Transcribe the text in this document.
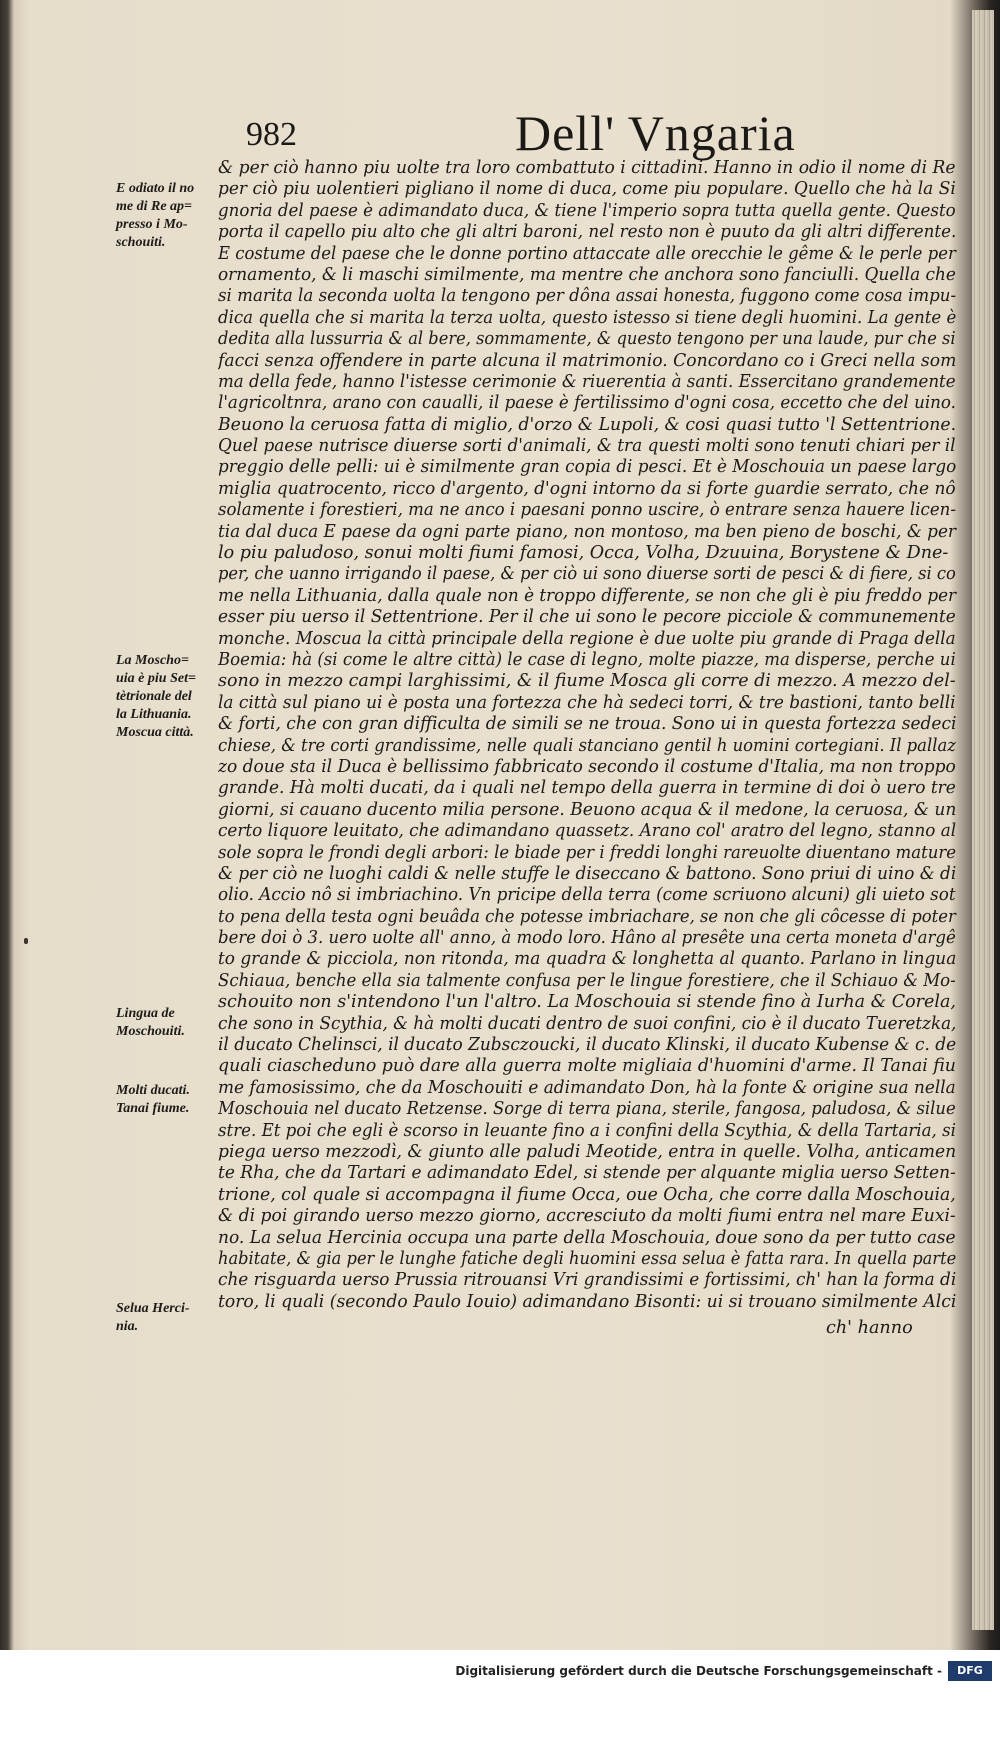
982	Dell' Vngaria
& per ciò hanno piu uolte tra loro combattuto i cittadini. Hanno in odio il nome di Re
per ciò piu uolentieri pigliano il nome di duca, come piu populare. Quello che hà la Si
gnoria del paese è adimandato duca, & tiene l'imperio sopra tutta quella gente. Questo
porta il capello piu alto che gli altri baroni, nel resto non è puuto da gli altri differente.
E costume del paese che le donne portino attaccate alle orecchie le gême & le perle per
ornamento, & li maschi similmente, ma mentre che anchora sono fanciulli. Quella che
si marita la seconda uolta la tengono per dôna assai honesta, fuggono come cosa impu-
dica quella che si marita la terza uolta, questo istesso si tiene degli huomini. La gente è
dedita alla lussurria & al bere, sommamente, & questo tengono per una laude, pur che si
facci senza offendere in parte alcuna il matrimonio. Concordano co i Greci nella som
ma della fede, hanno l'istesse cerimonie & riuerentia à santi. Essercitano grandemente
l'agricoltnra, arano con caualli, il paese è fertilissimo d'ogni cosa, eccetto che del uino.
Beuono la ceruosa fatta di miglio, d'orzo & Lupoli, & cosi quasi tutto 'l Settentrione.
Quel paese nutrisce diuerse sorti d'animali, & tra questi molti sono tenuti chiari per il
preggio delle pelli: ui è similmente gran copia di pesci. Et è Moschouia un paese largo
miglia quatrocento, ricco d'argento, d'ogni intorno da si forte guardie serrato, che nô
solamente i forestieri, ma ne anco i paesani ponno uscire, ò entrare senza hauere licen-
tia dal duca E paese da ogni parte piano, non montoso, ma ben pieno de boschi, & per
lo piu paludoso, sonui molti fiumi famosi, Occa, Volha, Dzuuina, Borystene & Dne-
per, che uanno irrigando il paese, & per ciò ui sono diuerse sorti de pesci & di fiere, si co
me nella Lithuania, dalla quale non è troppo differente, se non che gli è piu freddo per
esser piu uerso il Settentrione. Per il che ui sono le pecore picciole & communemente
monche. Moscua la città principale della regione è due uolte piu grande di Praga della
Boemia: hà (si come le altre città) le case di legno, molte piazze, ma disperse, perche ui
sono in mezzo campi larghissimi, & il fiume Mosca gli corre di mezzo. A mezzo del-
la città sul piano ui è posta una fortezza che hà sedeci torri, & tre bastioni, tanto belli
& forti, che con gran difficulta de simili se ne troua. Sono ui in questa fortezza sedeci
chiese, & tre corti grandissime, nelle quali stanciano gentil h uomini cortegiani. Il pallaz
zo doue sta il Duca è bellissimo fabbricato secondo il costume d'Italia, ma non troppo
grande. Hà molti ducati, da i quali nel tempo della guerra in termine di doi ò uero tre
giorni, si cauano ducento milia persone. Beuono acqua & il medone, la ceruosa, & un
certo liquore leuitato, che adimandano quassetz. Arano col' aratro del legno, stanno al
sole sopra le frondi degli arbori: le biade per i freddi longhi rareuolte diuentano mature
& per ciò ne luoghi caldi & nelle stuffe le diseccano & battono. Sono priui di uino & di
olio. Accio nô si imbriachino. Vn pricipe della terra (come scriuono alcuni) gli uieto sot
to pena della testa ogni beuâda che potesse imbriachare, se non che gli côcesse di poter
bere doi ò 3. uero uolte all' anno, à modo loro. Hâno al presête una certa moneta d'argê
to grande & picciola, non ritonda, ma quadra & longhetta al quanto. Parlano in lingua
Schiaua, benche ella sia talmente confusa per le lingue forestiere, che il Schiauo & Mo-
schouito non s'intendono l'un l'altro. La Moschouia si stende fino à Iurha & Corela,
che sono in Scythia, & hà molti ducati dentro de suoi confini, cio è il ducato Tueretzka,
il ducato Chelinsci, il ducato Zubsczoucki, il ducato Klinski, il ducato Kubense & c. de
quali ciascheduno può dare alla guerra molte migliaia d'huomini d'arme. Il Tanai fiu
me famosissimo, che da Moschouiti e adimandato Don, hà la fonte & origine sua nella
Moschouia nel ducato Retzense. Sorge di terra piana, sterile, fangosa, paludosa, & silue
stre. Et poi che egli è scorso in leuante fino a i confini della Scythia, & della Tartaria, si
piega uerso mezzodì, & giunto alle paludi Meotide, entra in quelle. Volha, anticamen
te Rha, che da Tartari e adimandato Edel, si stende per alquante miglia uerso Setten-
trione, col quale si accompagna il fiume Occa, oue Ocha, che corre dalla Moschouia,
& di poi girando uerso mezzo giorno, accresciuto da molti fiumi entra nel mare Euxi-
no. La selua Hercinia occupa una parte della Moschouia, doue sono da per tutto case
habitate, & gia per le lunghe fatiche degli huomini essa selua è fatta rara. In quella parte
che risguarda uerso Prussia ritrouansi Vri grandissimi e fortissimi, ch' han la forma di
toro, li quali (secondo Paulo Iouio) adimandano Bisonti: ui si trouano similmente Alci
E odiato il no
me di Re ap=
presso i Mo-
schouiti.
La Moscho=
uia è piu Set=
tètrionale del
la Lithuania.
Moscua città.
Lingua de
Moschouiti.
Molti ducati.
Tanai fiume.
Selua Herci-
nia.
Digitalisierung gefördert durch die Deutsche Forschungsgemeinschaft -	DFG
ch' hanno
